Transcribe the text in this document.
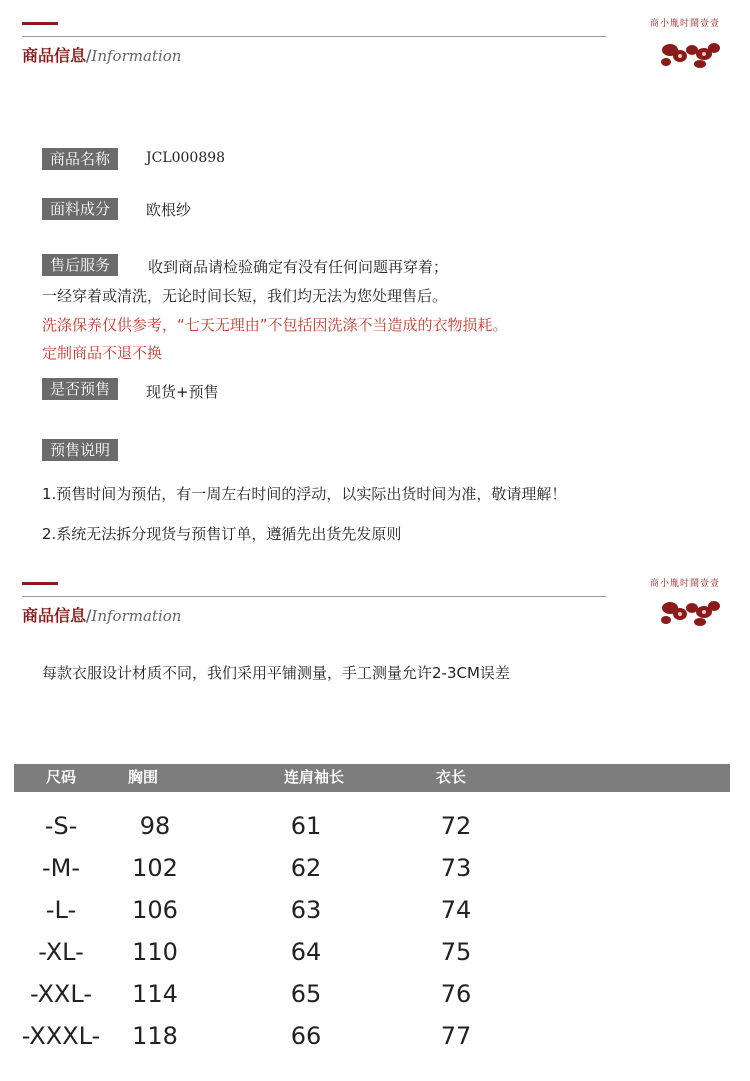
商品信息/Information
商小胤时鬧壹壹
商品名称	JCL000898
面料成分	欧根纱
售后服务	收到商品请检验确定有没有任何问题再穿着；
一经穿着或清洗，无论时间长短，我们均无法为您处理售后。
洗涤保养仅供参考，“七天无理由”不包括因洗涤不当造成的衣物损耗。
定制商品不退不换
是否预售	现货+预售
预售说明
1.预售时间为预估，有一周左右时间的浮动，以实际出货时间为准，敬请理解！
2.系统无法拆分现货与预售订单，遵循先出货先发原则
商品信息/Information
商小胤时鬧壹壹
每款衣服设计材质不同，我们采用平铺测量，手工测量允许2-3CM误差
尺码	胸围	连肩袖长	衣长
-S-	98	61	72
-M-	102	62	73
-L-	106	63	74
-XL-	110	64	75
-XXL-	114	65	76
-XXXL-	118	66	77
